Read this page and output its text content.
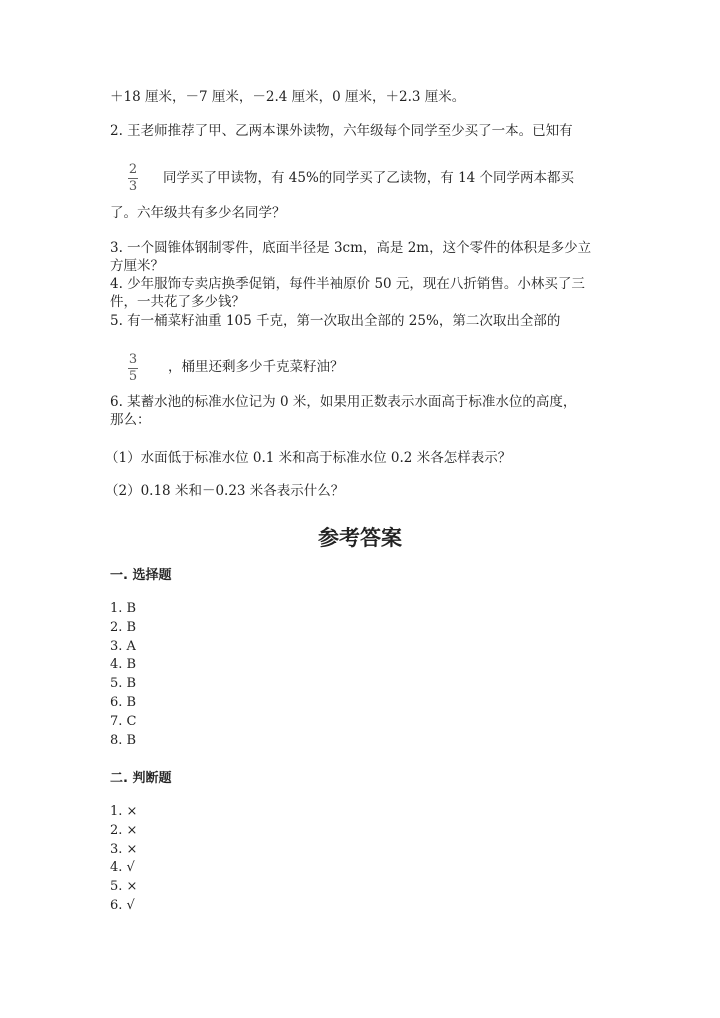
＋18 厘米，－7 厘米，－2.4 厘米，0 厘米，＋2.3 厘米。
2. 王老师推荐了甲、乙两本课外读物，六年级每个同学至少买了一本。已知有
2
3
同学买了甲读物，有 45%的同学买了乙读物，有 14 个同学两本都买
了。六年级共有多少名同学？
3. 一个圆锥体钢制零件，底面半径是 3cm，高是 2m，这个零件的体积是多少立
方厘米？
4. 少年服饰专卖店换季促销，每件半袖原价 50 元，现在八折销售。小林买了三
件，一共花了多少钱？
5. 有一桶菜籽油重 105 千克，第一次取出全部的 25%，第二次取出全部的
3
5
，桶里还剩多少千克菜籽油？
6. 某蓄水池的标准水位记为 0 米，如果用正数表示水面高于标准水位的高度，
那么：
（1）水面低于标准水位 0.1 米和高于标准水位 0.2 米各怎样表示？
（2）0.18 米和－0.23 米各表示什么？
参考答案
一. 选择题
1. B
2. B
3. A
4. B
5. B
6. B
7. C
8. B
二. 判断题
1. ×
2. ×
3. ×
4. √
5. ×
6. √
